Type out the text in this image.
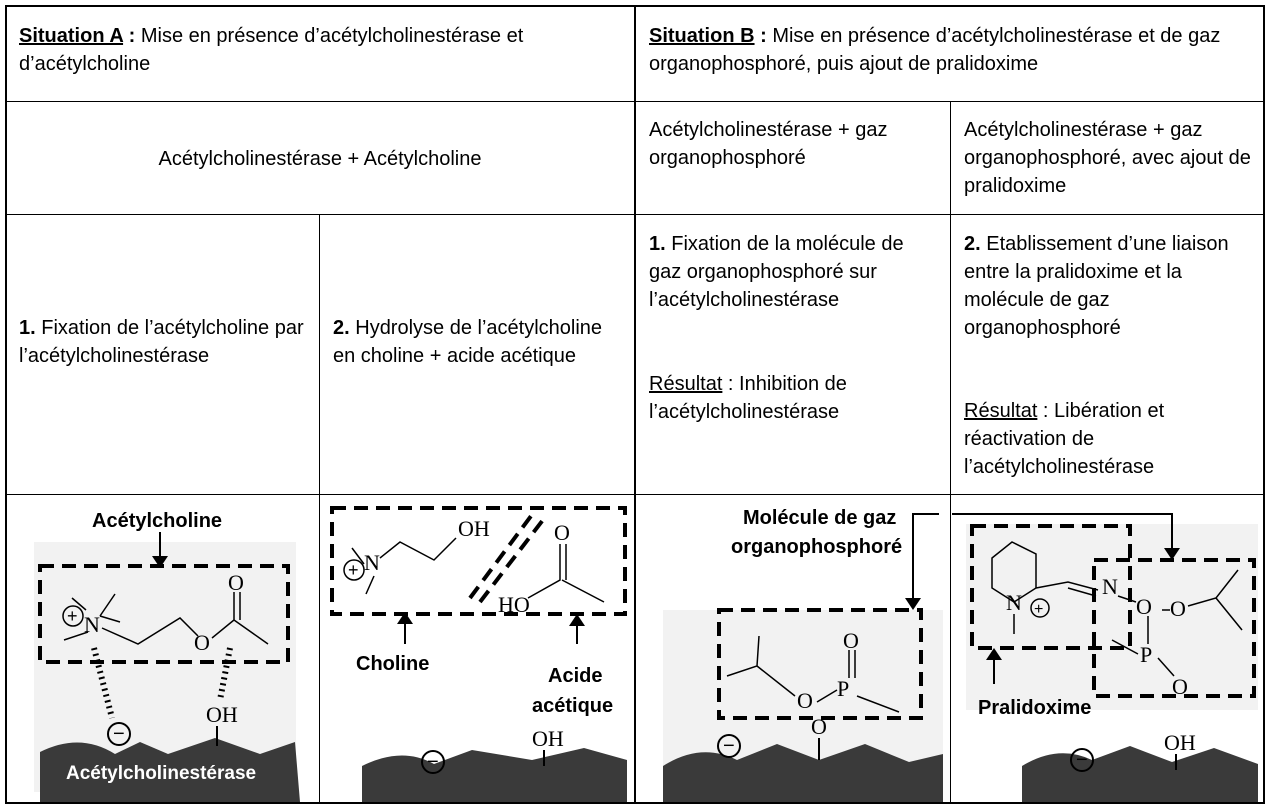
Situation A : Mise en présence d’acétylcholinestérase et d’acétylcholine
Situation B : Mise en présence d’acétylcholinestérase et de gaz organophosphoré, puis ajout de pralidoxime
Acétylcholinestérase + Acétylcholine
Acétylcholinestérase + gaz organophosphoré
Acétylcholinestérase + gaz organophosphoré, avec ajout de pralidoxime
1. Fixation de l’acétylcholine par l’acétylcholinestérase
2. Hydrolyse de l’acétylcholine en choline + acide acétique
1. Fixation de la molécule de gaz organophosphoré sur l’acétylcholinestérase
Résultat : Inhibition de l’acétylcholinestérase
2. Etablissement d’une liaison entre la pralidoxime et la molécule de gaz organophosphoré
Résultat : Libération et réactivation de l’acétylcholinestérase
−
Acétylcholinestérase
Acétylcholine
+ N
O
O
OH
−
OH
+ N
OH
HO
O
Choline
Acide
acétique
−
Molécule de gaz
organophosphoré
O P
O
O
−
OH
N +
N
O O
P
O
Pralidoxime
